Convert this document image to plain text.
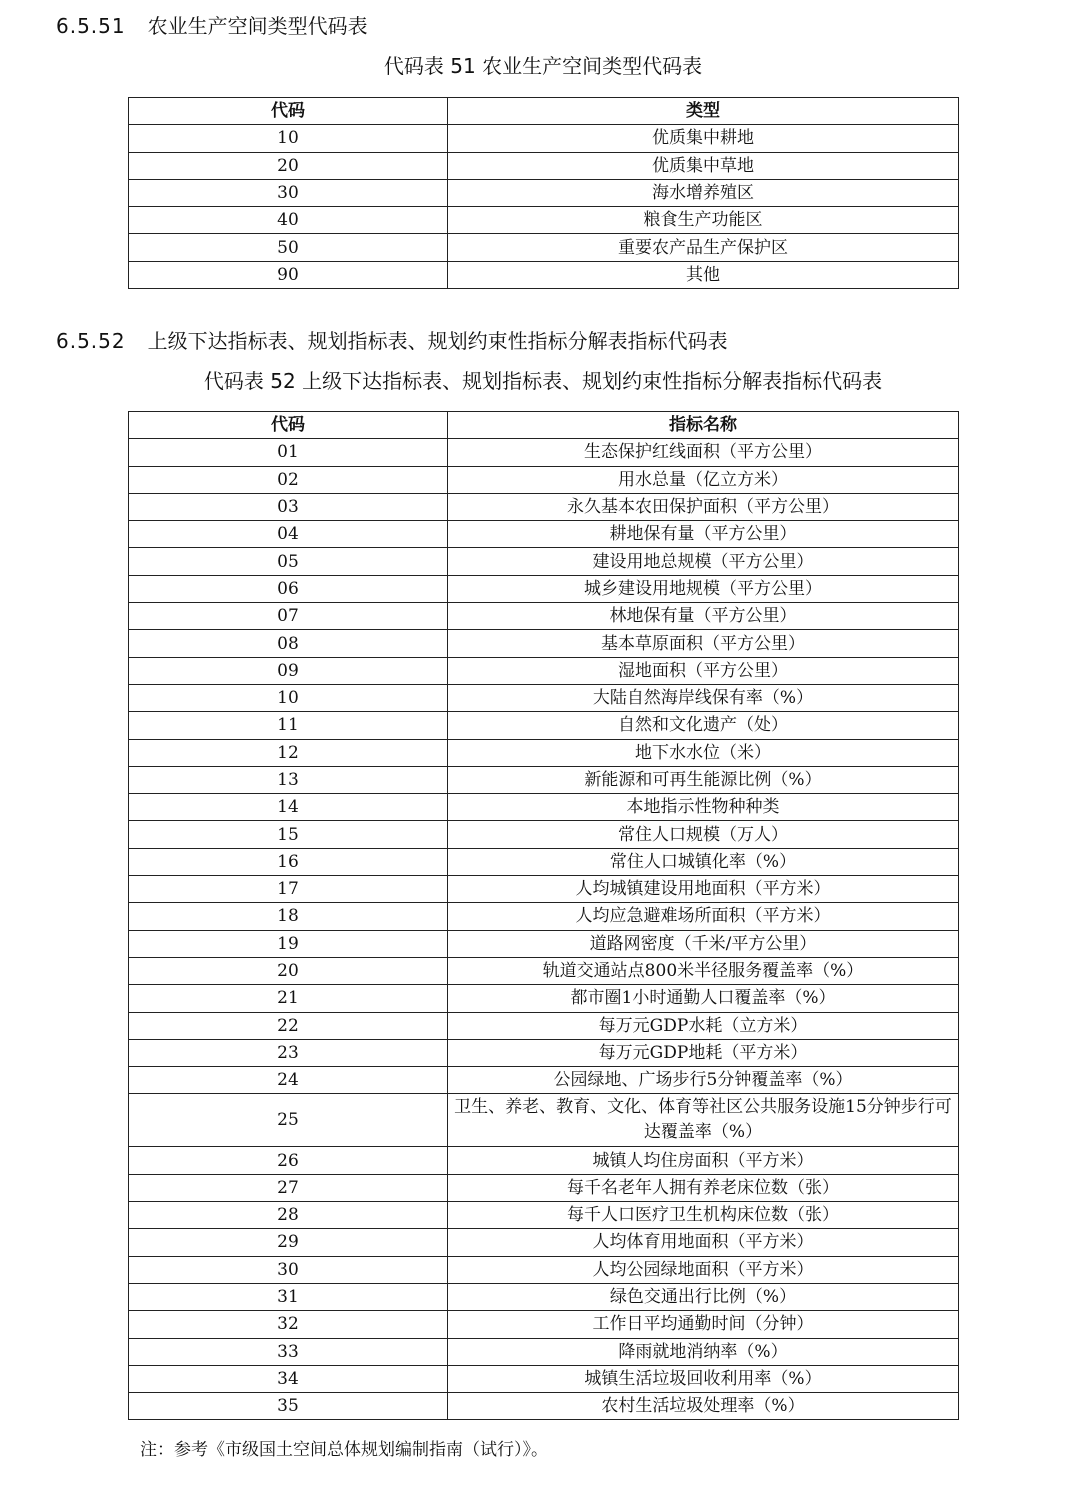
6.5.51 农业生产空间类型代码表
代码表 51 农业生产空间类型代码表
代码	类型
10	优质集中耕地
20	优质集中草地
30	海水增养殖区
40	粮食生产功能区
50	重要农产品生产保护区
90	其他
6.5.52 上级下达指标表、规划指标表、规划约束性指标分解表指标代码表
代码表 52 上级下达指标表、规划指标表、规划约束性指标分解表指标代码表
代码	指标名称
01	生态保护红线面积（平方公里）
02	用水总量（亿立方米）
03	永久基本农田保护面积（平方公里）
04	耕地保有量（平方公里）
05	建设用地总规模（平方公里）
06	城乡建设用地规模（平方公里）
07	林地保有量（平方公里）
08	基本草原面积（平方公里）
09	湿地面积（平方公里）
10	大陆自然海岸线保有率（%）
11	自然和文化遗产（处）
12	地下水水位（米）
13	新能源和可再生能源比例（%）
14	本地指示性物种种类
15	常住人口规模（万人）
16	常住人口城镇化率（%）
17	人均城镇建设用地面积（平方米）
18	人均应急避难场所面积（平方米）
19	道路网密度（千米/平方公里）
20	轨道交通站点800米半径服务覆盖率（%）
21	都市圈1小时通勤人口覆盖率（%）
22	每万元GDP水耗（立方米）
23	每万元GDP地耗（平方米）
24	公园绿地、广场步行5分钟覆盖率（%）
25	卫生、养老、教育、文化、体育等社区公共服务设施15分钟步行可达覆盖率（%）
26	城镇人均住房面积（平方米）
27	每千名老年人拥有养老床位数（张）
28	每千人口医疗卫生机构床位数（张）
29	人均体育用地面积（平方米）
30	人均公园绿地面积（平方米）
31	绿色交通出行比例（%）
32	工作日平均通勤时间（分钟）
33	降雨就地消纳率（%）
34	城镇生活垃圾回收利用率（%）
35	农村生活垃圾处理率（%）
注：参考《市级国土空间总体规划编制指南（试行）》。
